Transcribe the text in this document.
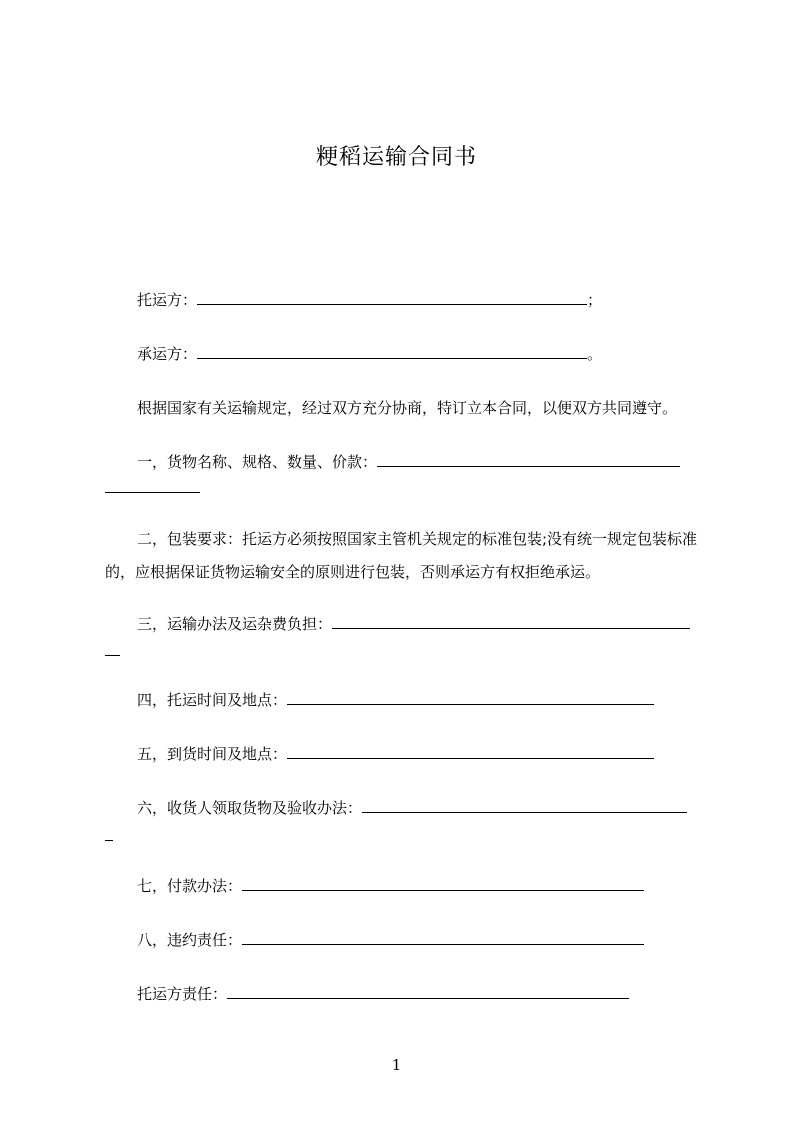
粳稻运输合同书
托运方：	；
承运方：	。
根据国家有关运输规定，经过双方充分协商，特订立本合同，以便双方共同遵守。
一，货物名称、规格、数量、价款：
二，包装要求：托运方必须按照国家主管机关规定的标准包装;没有统一规定包装标准的，应根据保证货物运输安全的原则进行包装，否则承运方有权拒绝承运。
三，运输办法及运杂费负担：
四，托运时间及地点：
五，到货时间及地点：
六，收货人领取货物及验收办法：
七，付款办法：
八，违约责任：
托运方责任：
1
